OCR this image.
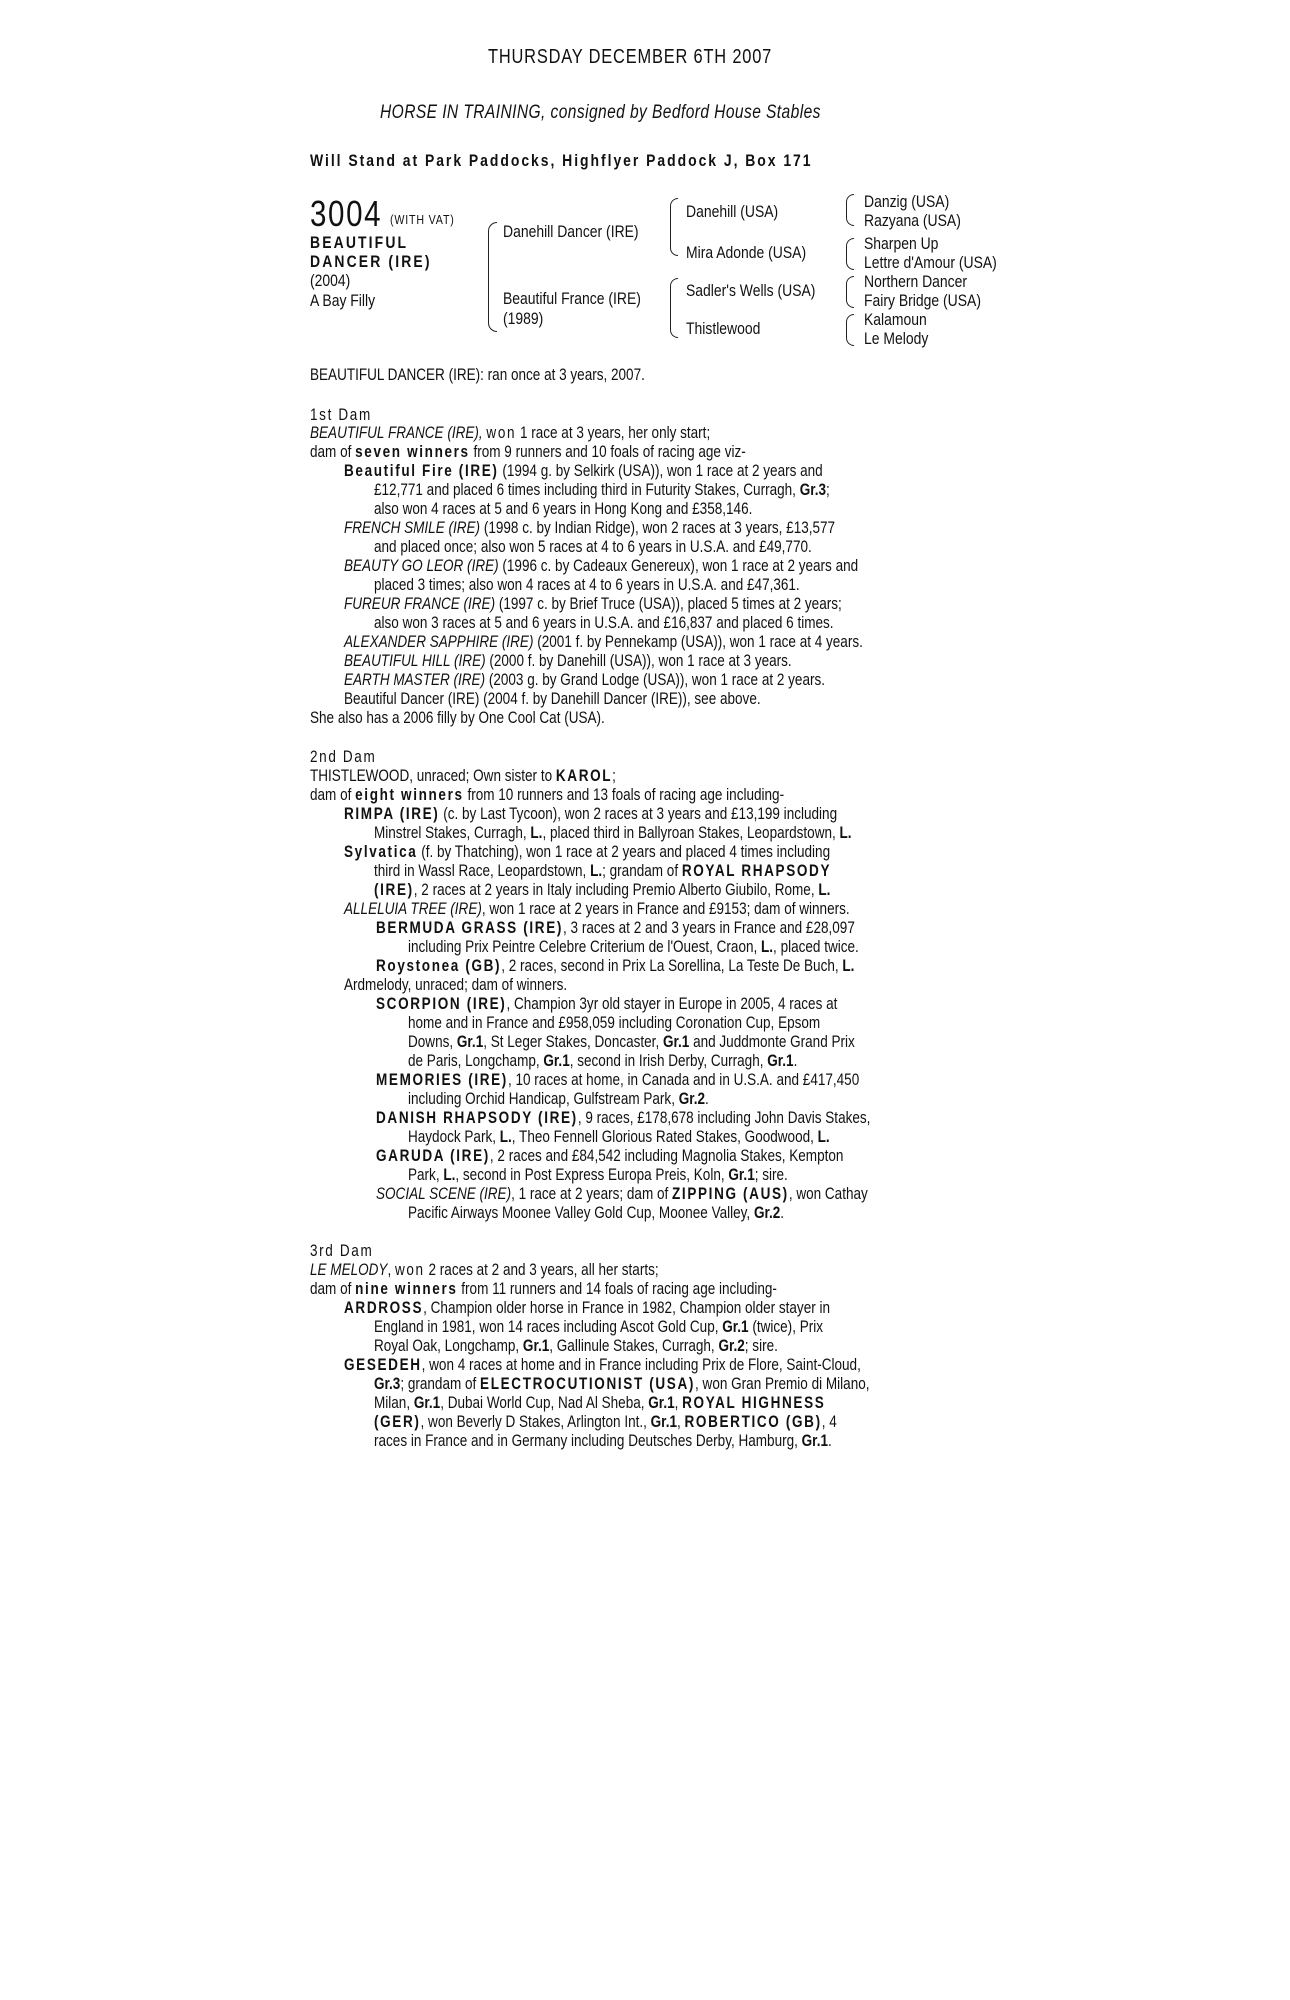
THURSDAY DECEMBER 6TH 2007
HORSE IN TRAINING, consigned by Bedford House Stables
Will Stand at Park Paddocks, Highflyer Paddock J, Box 171
3004 (WITH VAT)
BEAUTIFUL
DANCER (IRE)
(2004)
A Bay Filly
Danehill Dancer (IRE)
Beautiful France (IRE)
(1989)
Danehill (USA)
Mira Adonde (USA)
Sadler's Wells (USA)
Thistlewood
Danzig (USA)
Razyana (USA)
Sharpen Up
Lettre d'Amour (USA)
Northern Dancer
Fairy Bridge (USA)
Kalamoun
Le Melody
BEAUTIFUL DANCER (IRE): ran once at 3 years, 2007.
1st Dam
BEAUTIFUL FRANCE (IRE), won 1 race at 3 years, her only start;
dam of seven winners from 9 runners and 10 foals of racing age viz-
Beautiful Fire (IRE) (1994 g. by Selkirk (USA)), won 1 race at 2 years and
£12,771 and placed 6 times including third in Futurity Stakes, Curragh, Gr.3;
also won 4 races at 5 and 6 years in Hong Kong and £358,146.
FRENCH SMILE (IRE) (1998 c. by Indian Ridge), won 2 races at 3 years, £13,577
and placed once; also won 5 races at 4 to 6 years in U.S.A. and £49,770.
BEAUTY GO LEOR (IRE) (1996 c. by Cadeaux Genereux), won 1 race at 2 years and
placed 3 times; also won 4 races at 4 to 6 years in U.S.A. and £47,361.
FUREUR FRANCE (IRE) (1997 c. by Brief Truce (USA)), placed 5 times at 2 years;
also won 3 races at 5 and 6 years in U.S.A. and £16,837 and placed 6 times.
ALEXANDER SAPPHIRE (IRE) (2001 f. by Pennekamp (USA)), won 1 race at 4 years.
BEAUTIFUL HILL (IRE) (2000 f. by Danehill (USA)), won 1 race at 3 years.
EARTH MASTER (IRE) (2003 g. by Grand Lodge (USA)), won 1 race at 2 years.
Beautiful Dancer (IRE) (2004 f. by Danehill Dancer (IRE)), see above.
She also has a 2006 filly by One Cool Cat (USA).
2nd Dam
THISTLEWOOD, unraced; Own sister to KAROL;
dam of eight winners from 10 runners and 13 foals of racing age including-
RIMPA (IRE) (c. by Last Tycoon), won 2 races at 3 years and £13,199 including
Minstrel Stakes, Curragh, L., placed third in Ballyroan Stakes, Leopardstown, L.
Sylvatica (f. by Thatching), won 1 race at 2 years and placed 4 times including
third in Wassl Race, Leopardstown, L.; grandam of ROYAL RHAPSODY
(IRE), 2 races at 2 years in Italy including Premio Alberto Giubilo, Rome, L.
ALLELUIA TREE (IRE), won 1 race at 2 years in France and £9153; dam of winners.
BERMUDA GRASS (IRE), 3 races at 2 and 3 years in France and £28,097
including Prix Peintre Celebre Criterium de l'Ouest, Craon, L., placed twice.
Roystonea (GB), 2 races, second in Prix La Sorellina, La Teste De Buch, L.
Ardmelody, unraced; dam of winners.
SCORPION (IRE), Champion 3yr old stayer in Europe in 2005, 4 races at
home and in France and £958,059 including Coronation Cup, Epsom
Downs, Gr.1, St Leger Stakes, Doncaster, Gr.1 and Juddmonte Grand Prix
de Paris, Longchamp, Gr.1, second in Irish Derby, Curragh, Gr.1.
MEMORIES (IRE), 10 races at home, in Canada and in U.S.A. and £417,450
including Orchid Handicap, Gulfstream Park, Gr.2.
DANISH RHAPSODY (IRE), 9 races, £178,678 including John Davis Stakes,
Haydock Park, L., Theo Fennell Glorious Rated Stakes, Goodwood, L.
GARUDA (IRE), 2 races and £84,542 including Magnolia Stakes, Kempton
Park, L., second in Post Express Europa Preis, Koln, Gr.1; sire.
SOCIAL SCENE (IRE), 1 race at 2 years; dam of ZIPPING (AUS), won Cathay
Pacific Airways Moonee Valley Gold Cup, Moonee Valley, Gr.2.
3rd Dam
LE MELODY, won 2 races at 2 and 3 years, all her starts;
dam of nine winners from 11 runners and 14 foals of racing age including-
ARDROSS, Champion older horse in France in 1982, Champion older stayer in
England in 1981, won 14 races including Ascot Gold Cup, Gr.1 (twice), Prix
Royal Oak, Longchamp, Gr.1, Gallinule Stakes, Curragh, Gr.2; sire.
GESEDEH, won 4 races at home and in France including Prix de Flore, Saint-Cloud,
Gr.3; grandam of ELECTROCUTIONIST (USA), won Gran Premio di Milano,
Milan, Gr.1, Dubai World Cup, Nad Al Sheba, Gr.1, ROYAL HIGHNESS
(GER), won Beverly D Stakes, Arlington Int., Gr.1, ROBERTICO (GB), 4
races in France and in Germany including Deutsches Derby, Hamburg, Gr.1.
